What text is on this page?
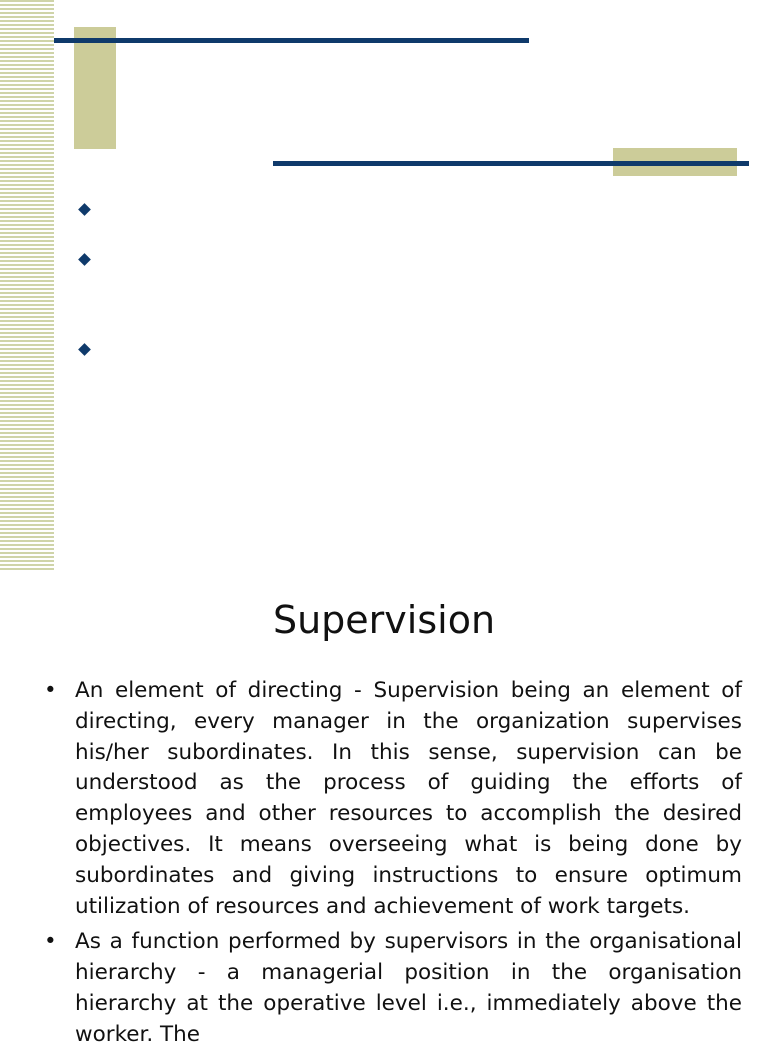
Supervision
• An element of directing - Supervision being an element of directing, every manager in the organization supervises his/her subordinates. In this sense, supervision can be understood as the process of guiding the efforts of employees and other resources to accomplish the desired objectives. It means overseeing what is being done by subordinates and giving instructions to ensure optimum utilization of resources and achievement of work targets.
• As a function performed by supervisors in the organisational hierarchy - a managerial position in the organisation hierarchy at the operative level i.e., immediately above the worker. The
